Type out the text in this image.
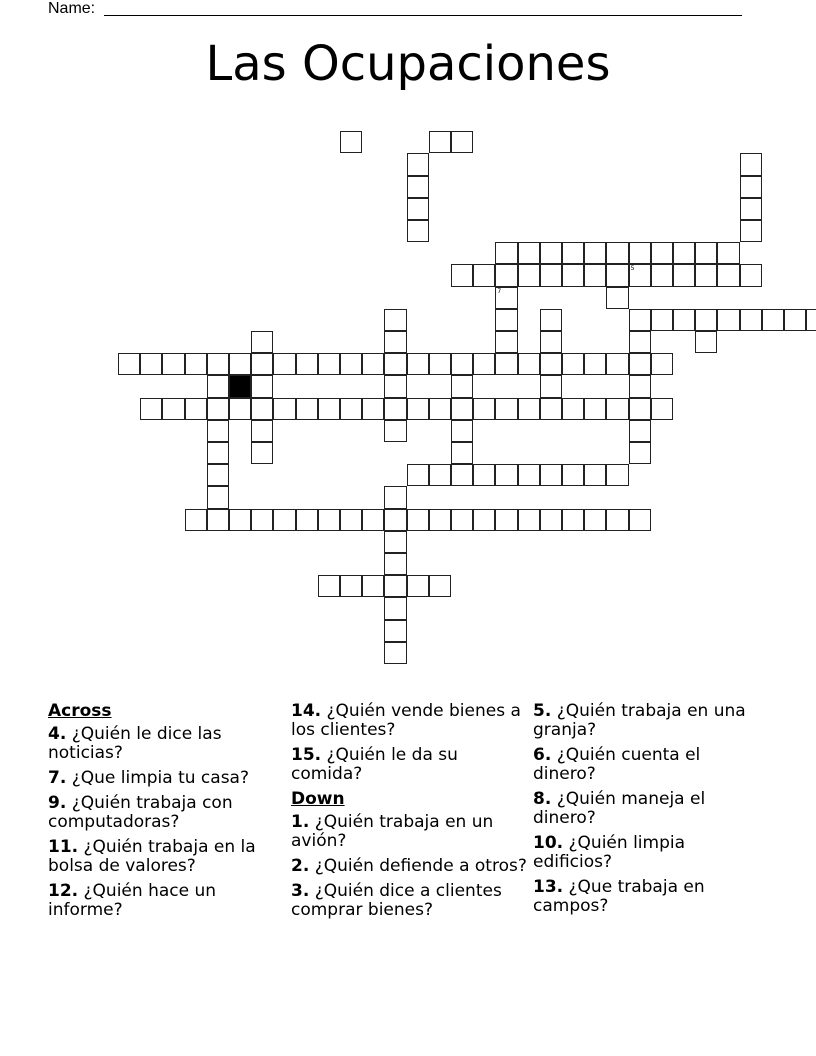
Name:
Las Ocupaciones
5
7
Across
4. ¿Quién le dice las noticias?
7. ¿Que limpia tu casa?
9. ¿Quién trabaja con computadoras?
11. ¿Quién trabaja en la bolsa de valores?
12. ¿Quién hace un informe?
14. ¿Quién vende bienes a los clientes?
15. ¿Quién le da su comida?
Down
1. ¿Quién trabaja en un avión?
2. ¿Quién defiende a otros?
3. ¿Quién dice a clientes comprar bienes?
5. ¿Quién trabaja en una granja?
6. ¿Quién cuenta el dinero?
8. ¿Quién maneja el dinero?
10. ¿Quién limpia edificios?
13. ¿Que trabaja en campos?
